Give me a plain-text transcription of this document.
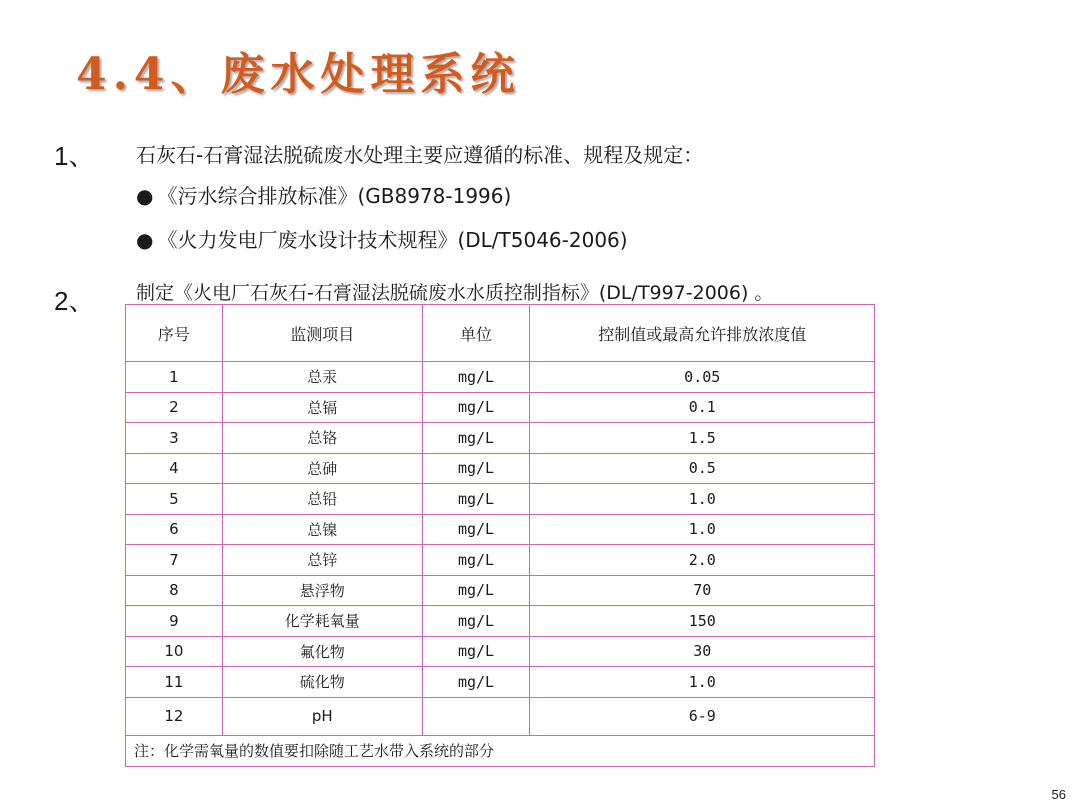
4.4、废水处理系统
1、 石灰石-石膏湿法脱硫废水处理主要应遵循的标准、规程及规定：
● 《污水综合排放标准》(GB8978-1996)
● 《火力发电厂废水设计技术规程》(DL/T5046-2006)
2、 制定《火电厂石灰石-石膏湿法脱硫废水水质控制指标》(DL/T997-2006) 。
序号	监测项目	单位	控制值或最高允许排放浓度值
1	总汞	mg/L	0.05
2	总镉	mg/L	0.1
3	总铬	mg/L	1.5
4	总砷	mg/L	0.5
5	总铅	mg/L	1.0
6	总镍	mg/L	1.0
7	总锌	mg/L	2.0
8	悬浮物	mg/L	70
9	化学耗氧量	mg/L	150
10	氟化物	mg/L	30
11	硫化物	mg/L	1.0
12	pH		6-9
注：化学需氧量的数值要扣除随工艺水带入系统的部分			
56
